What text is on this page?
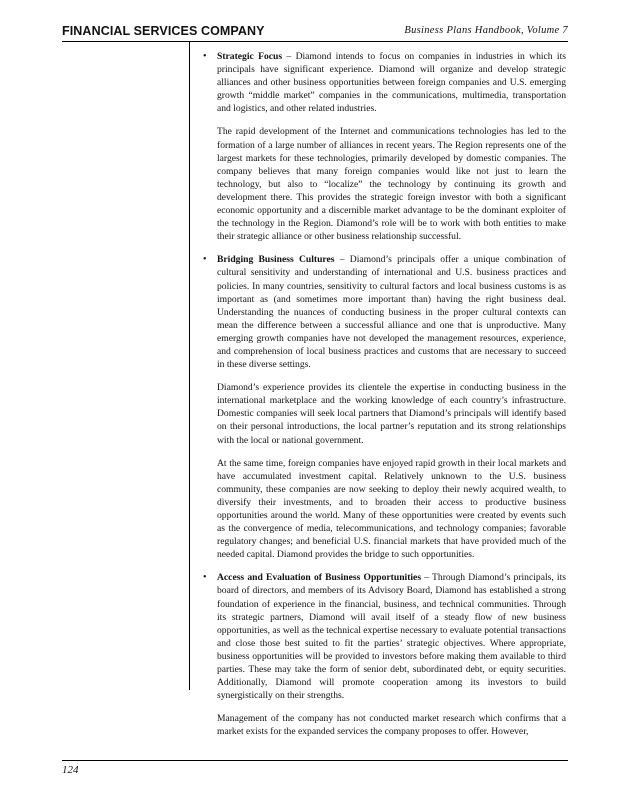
FINANCIAL SERVICES COMPANY	Business Plans Handbook, Volume 7
• Strategic Focus – Diamond intends to focus on companies in industries in which its principals have significant experience. Diamond will organize and develop strategic alliances and other business opportunities between foreign companies and U.S. emerging growth “middle market” companies in the communications, multimedia, transportation and logistics, and other related industries.

The rapid development of the Internet and communications technologies has led to the formation of a large number of alliances in recent years. The Region represents one of the largest markets for these technologies, primarily developed by domestic companies. The company believes that many foreign companies would like not just to learn the technology, but also to “localize” the technology by continuing its growth and development there. This provides the strategic foreign investor with both a significant economic opportunity and a discernible market advantage to be the dominant exploiter of the technology in the Region. Diamond’s role will be to work with both entities to make their strategic alliance or other business relationship successful.

• Bridging Business Cultures – Diamond’s principals offer a unique combination of cultural sensitivity and understanding of international and U.S. business practices and policies. In many countries, sensitivity to cultural factors and local business customs is as important as (and sometimes more important than) having the right business deal. Understanding the nuances of conducting business in the proper cultural contexts can mean the difference between a successful alliance and one that is unproductive. Many emerging growth companies have not developed the management resources, experience, and comprehension of local business practices and customs that are necessary to succeed in these diverse settings.

Diamond’s experience provides its clientele the expertise in conducting business in the international marketplace and the working knowledge of each country’s infrastructure. Domestic companies will seek local partners that Diamond’s principals will identify based on their personal introductions, the local partner’s reputation and its strong relationships with the local or national government.

At the same time, foreign companies have enjoyed rapid growth in their local markets and have accumulated investment capital. Relatively unknown to the U.S. business community, these companies are now seeking to deploy their newly acquired wealth, to diversify their investments, and to broaden their access to productive business opportunities around the world. Many of these opportunities were created by events such as the convergence of media, telecommunications, and technology companies; favorable regulatory changes; and beneficial U.S. financial markets that have provided much of the needed capital. Diamond provides the bridge to such opportunities.

• Access and Evaluation of Business Opportunities – Through Diamond’s principals, its board of directors, and members of its Advisory Board, Diamond has established a strong foundation of experience in the financial, business, and technical communities. Through its strategic partners, Diamond will avail itself of a steady flow of new business opportunities, as well as the technical expertise necessary to evaluate potential transactions and close those best suited to fit the parties’ strategic objectives. Where appropriate, business opportunities will be provided to investors before making them available to third parties. These may take the form of senior debt, subordinated debt, or equity securities. Additionally, Diamond will promote cooperation among its investors to build synergistically on their strengths.

Management of the company has not conducted market research which confirms that a market exists for the expanded services the company proposes to offer. However,

124
